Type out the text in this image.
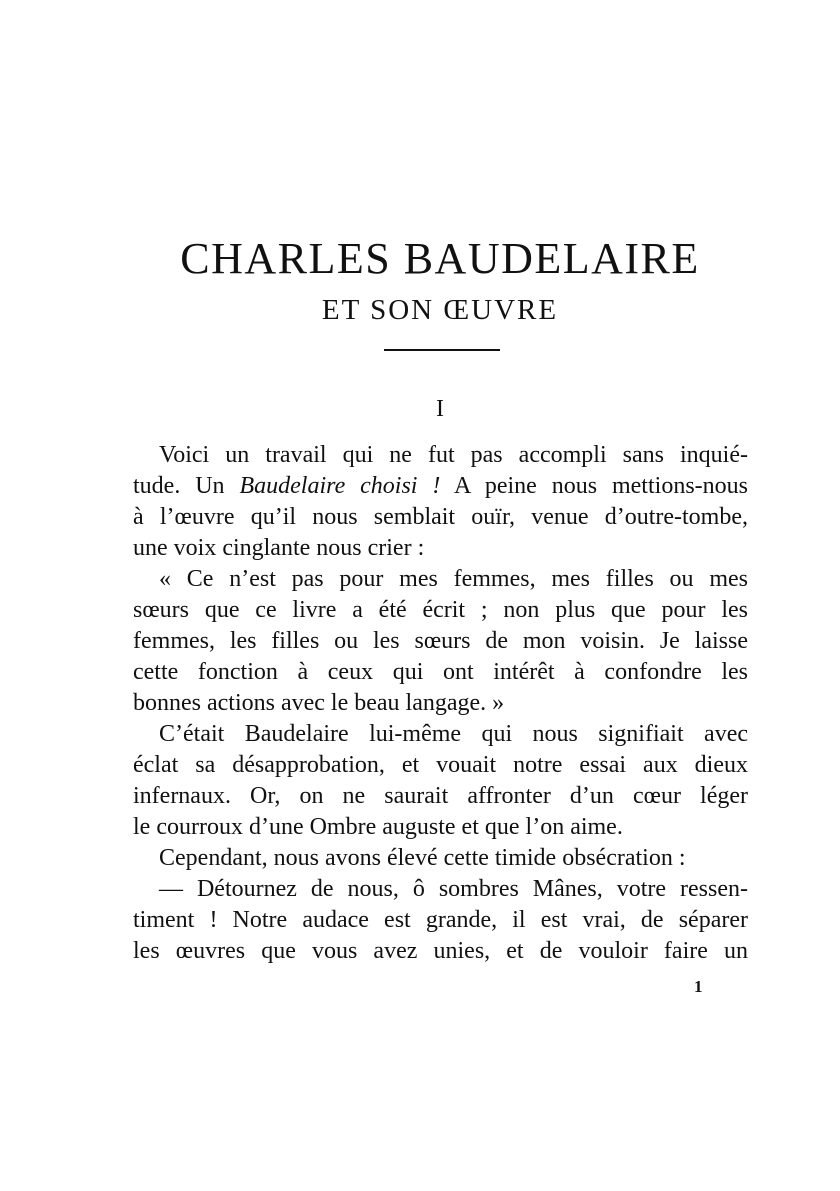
CHARLES BAUDELAIRE
ET SON ŒUVRE
I
Voici un travail qui ne fut pas accompli sans inquié-
tude. Un Baudelaire choisi ! A peine nous mettions-nous
à l’œuvre qu’il nous semblait ouïr, venue d’outre-tombe,
une voix cinglante nous crier :
« Ce n’est pas pour mes femmes, mes filles ou mes
sœurs que ce livre a été écrit ; non plus que pour les
femmes, les filles ou les sœurs de mon voisin. Je laisse
cette fonction à ceux qui ont intérêt à confondre les
bonnes actions avec le beau langage. »
C’était Baudelaire lui-même qui nous signifiait avec
éclat sa désapprobation, et vouait notre essai aux dieux
infernaux. Or, on ne saurait affronter d’un cœur léger
le courroux d’une Ombre auguste et que l’on aime.
Cependant, nous avons élevé cette timide obsécration :
— Détournez de nous, ô sombres Mânes, votre ressen-
timent ! Notre audace est grande, il est vrai, de séparer
les œuvres que vous avez unies, et de vouloir faire un
1
